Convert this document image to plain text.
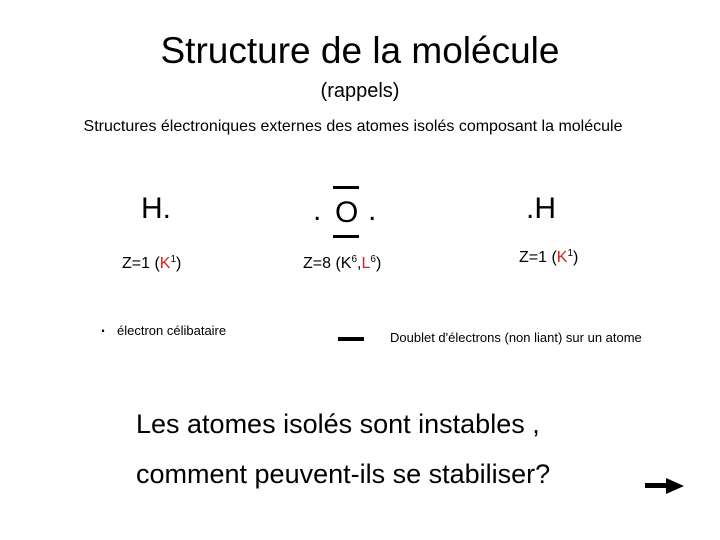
Structure de la molécule
(rappels)
Structures électroniques externes des atomes isolés composant la molécule
H.
Z=1 $(K^1)$
. O .
Z=8 $(K^6,L^6)$
.H
Z=1 $(K^1)$
. électron célibataire	Doublet d'électrons (non liant) sur un atome
Les atomes isolés sont instables ,
comment peuvent-ils se stabiliser?
